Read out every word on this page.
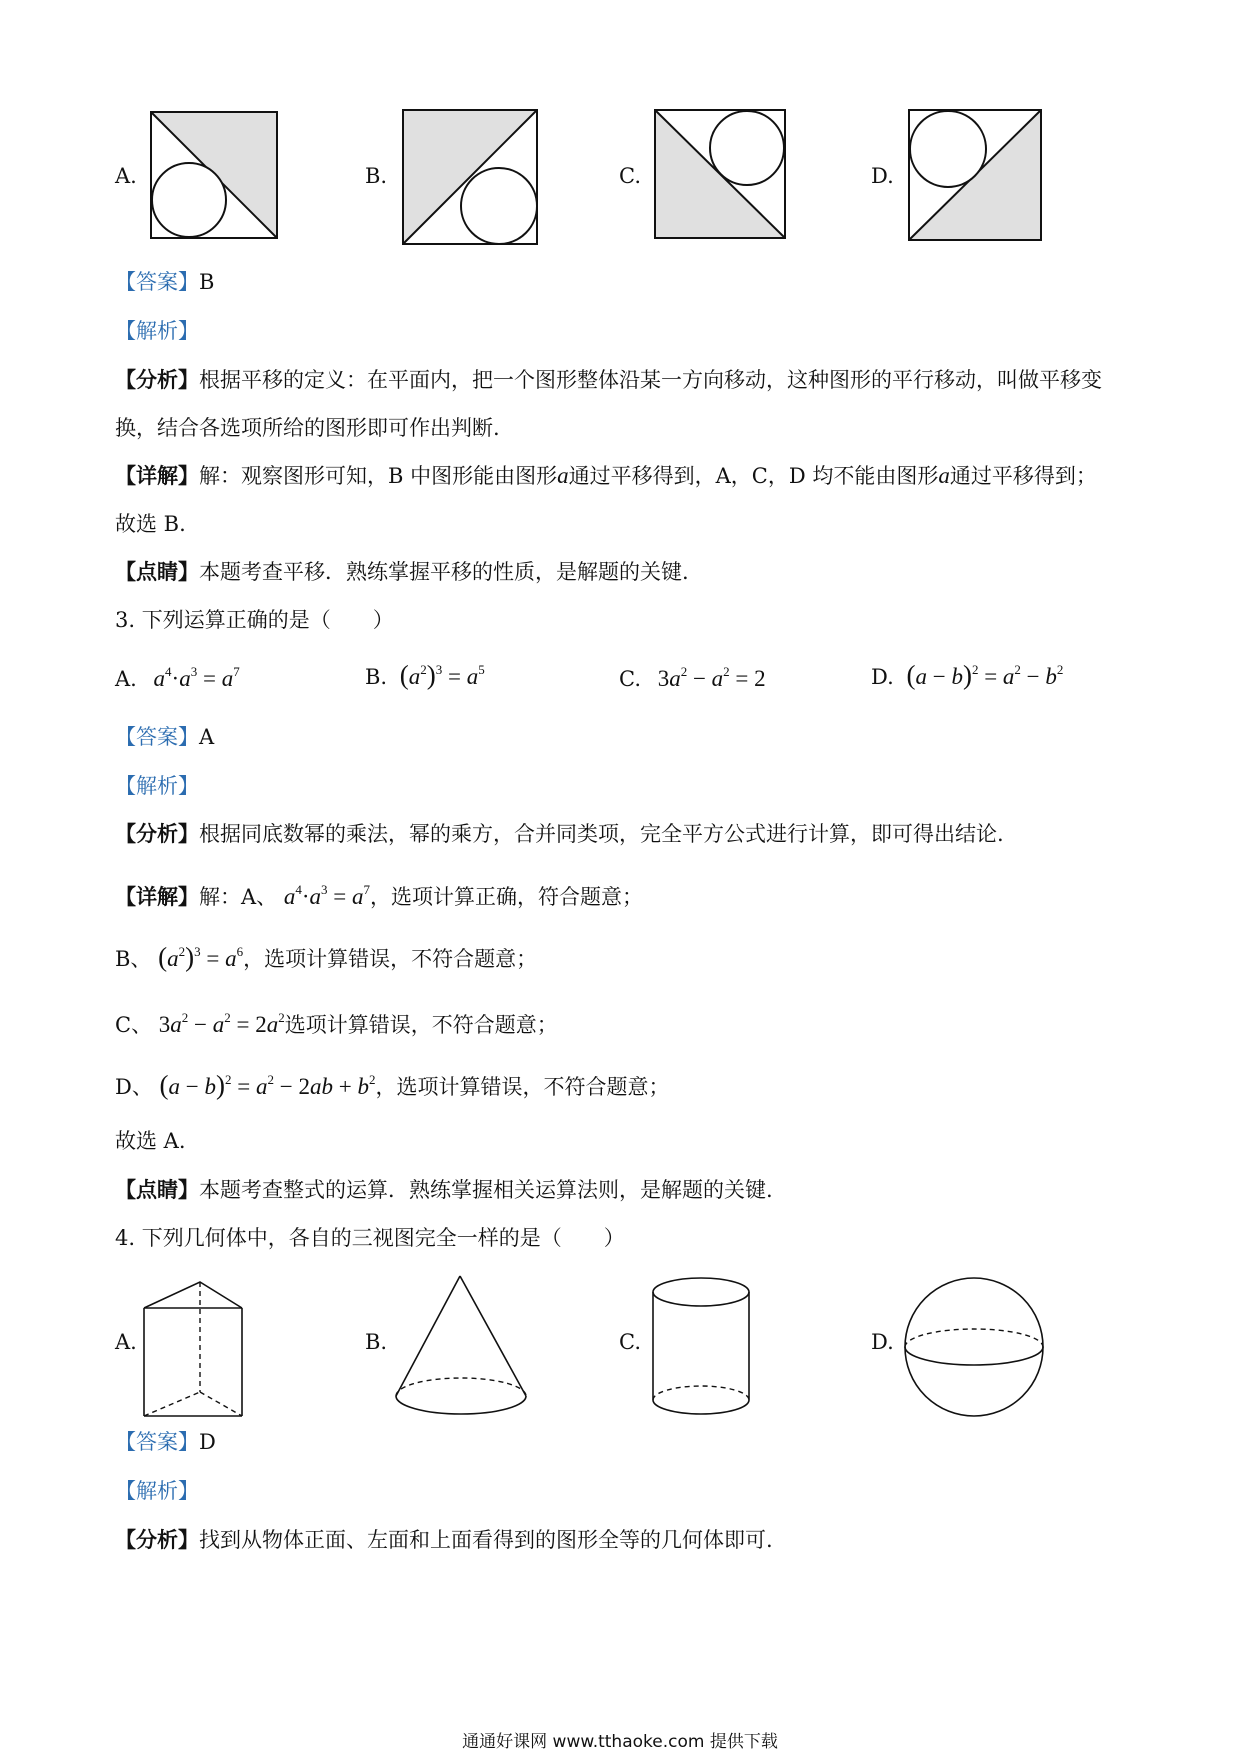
A.	B.	C.	D.
【答案】B
【解析】
【分析】根据平移的定义：在平面内，把一个图形整体沿某一方向移动，这种图形的平行移动，叫做平移变
换，结合各选项所给的图形即可作出判断.
【详解】解：观察图形可知，B 中图形能由图形a通过平移得到，A，C，D 均不能由图形a通过平移得到；
故选 B.
【点睛】本题考查平移．熟练掌握平移的性质，是解题的关键.
3. 下列运算正确的是（　　）
A. $a^4\cdot a^3 = a^7$	B. $(a^2)^3 = a^5$	C. $3a^2 - a^2 = 2$	D. $(a - b)^2 = a^2 - b^2$
【答案】A
【解析】
【分析】根据同底数幂的乘法，幂的乘方，合并同类项，完全平方公式进行计算，即可得出结论.
【详解】解：A、 $a^4\cdot a^3 = a^7$，选项计算正确，符合题意；
B、 $(a^2)^3 = a^6$，选项计算错误，不符合题意；
C、 $3a^2 - a^2 = 2a^2$选项计算错误，不符合题意；
D、 $(a - b)^2 = a^2 - 2ab + b^2$，选项计算错误，不符合题意；
故选 A.
【点睛】本题考查整式的运算．熟练掌握相关运算法则，是解题的关键.
4. 下列几何体中，各自的三视图完全一样的是（　　）
A.	B.	C.	D.
【答案】D
【解析】
【分析】找到从物体正面、左面和上面看得到的图形全等的几何体即可.
通通好课网 www.tthaoke.com 提供下载
